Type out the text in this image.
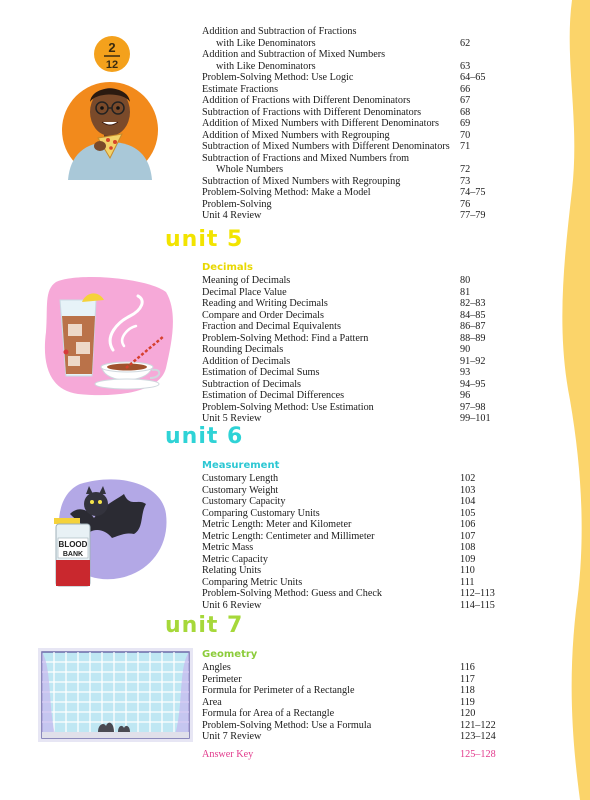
Addition and Subtraction of Fractions
with Like Denominators	62
Addition and Subtraction of Mixed Numbers
with Like Denominators	63
Problem-Solving Method: Use Logic	64–65
Estimate Fractions	66
Addition of Fractions with Different Denominators	67
Subtraction of Fractions with Different Denominators	68
Addition of Mixed Numbers with Different Denominators 69
Addition of Mixed Numbers with Regrouping	70
Subtraction of Mixed Numbers with Different Denominators 71
Subtraction of Fractions and Mixed Numbers from
Whole Numbers	72
Subtraction of Mixed Numbers with Regrouping	73
Problem-Solving Method: Make a Model	74–75
Problem-Solving	76
Unit 4 Review	77–79
unit 5
Decimals
Meaning of Decimals	80
Decimal Place Value	81
Reading and Writing Decimals	82–83
Compare and Order Decimals	84–85
Fraction and Decimal Equivalents	86–87
Problem-Solving Method: Find a Pattern	88–89
Rounding Decimals	90
Addition of Decimals	91–92
Estimation of Decimal Sums	93
Subtraction of Decimals	94–95
Estimation of Decimal Differences	96
Problem-Solving Method: Use Estimation	97–98
Unit 5 Review	99–101
unit 6
Measurement
Customary Length	102
Customary Weight	103
Customary Capacity	104
Comparing Customary Units	105
Metric Length: Meter and Kilometer	106
Metric Length: Centimeter and Millimeter	107
Metric Mass	108
Metric Capacity	109
Relating Units	110
Comparing Metric Units	111
Problem-Solving Method: Guess and Check	112–113
Unit 6 Review	114–115
unit 7
Geometry
Angles	116
Perimeter	117
Formula for Perimeter of a Rectangle	118
Area	119
Formula for Area of a Rectangle	120
Problem-Solving Method: Use a Formula	121–122
Unit 7 Review	123–124
Answer Key	125–128
2
12
BLOOD
BANK
